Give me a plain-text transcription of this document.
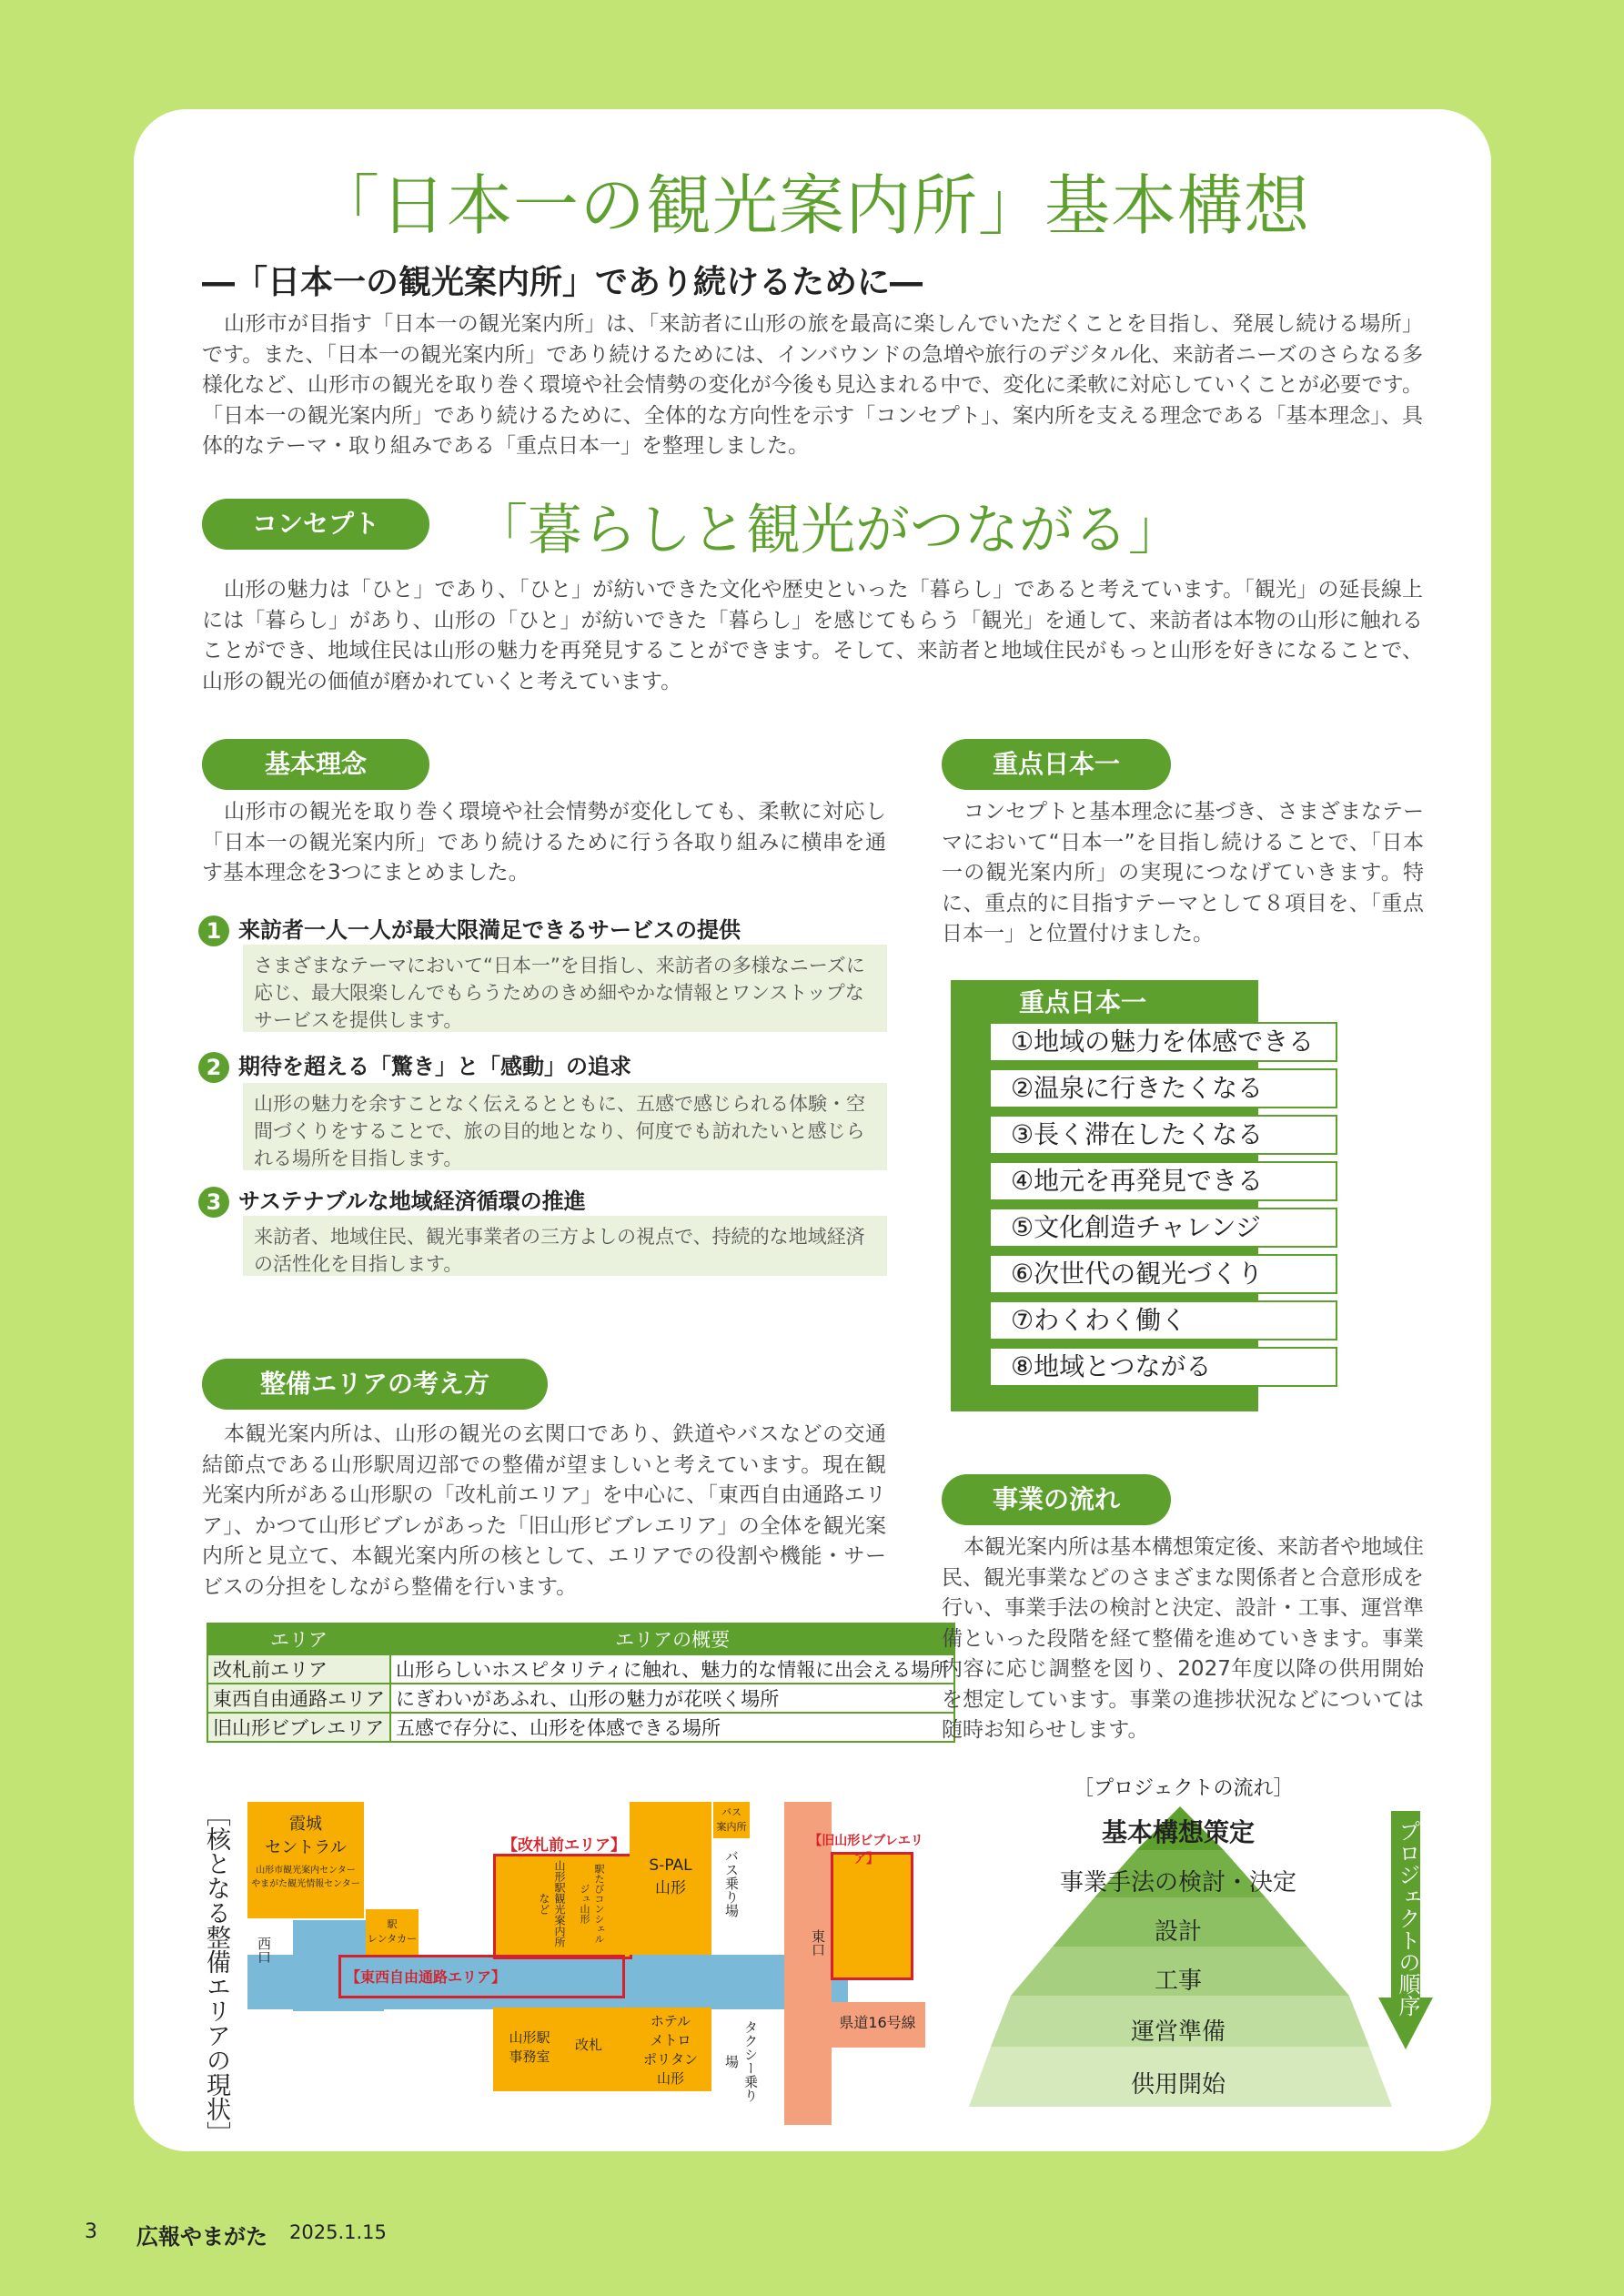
「日本一の観光案内所」基本構想
―「日本一の観光案内所」であり続けるために―
山形市が目指す「日本一の観光案内所」は、「来訪者に山形の旅を最高に楽しんでいただくことを目指し、発展し続ける場所」です。また、「日本一の観光案内所」であり続けるためには、インバウンドの急増や旅行のデジタル化、来訪者ニーズのさらなる多様化など、山形市の観光を取り巻く環境や社会情勢の変化が今後も見込まれる中で、変化に柔軟に対応していくことが必要です。「日本一の観光案内所」であり続けるために、全体的な方向性を示す「コンセプト」、案内所を支える理念である「基本理念」、具体的なテーマ・取り組みである「重点日本一」を整理しました。
コンセプト	「暮らしと観光がつながる」
山形の魅力は「ひと」であり、「ひと」が紡いできた文化や歴史といった「暮らし」であると考えています。「観光」の延長線上には「暮らし」があり、山形の「ひと」が紡いできた「暮らし」を感じてもらう「観光」を通して、来訪者は本物の山形に触れることができ、地域住民は山形の魅力を再発見することができます。そして、来訪者と地域住民がもっと山形を好きになることで、山形の観光の価値が磨かれていくと考えています。
基本理念
山形市の観光を取り巻く環境や社会情勢が変化しても、柔軟に対応し「日本一の観光案内所」であり続けるために行う各取り組みに横串を通す基本理念を3つにまとめました。
1 来訪者一人一人が最大限満足できるサービスの提供
さまざまなテーマにおいて“日本一”を目指し、来訪者の多様なニーズに応じ、最大限楽しんでもらうためのきめ細やかな情報とワンストップなサービスを提供します。
2 期待を超える「驚き」と「感動」の追求
山形の魅力を余すことなく伝えるとともに、五感で感じられる体験・空間づくりをすることで、旅の目的地となり、何度でも訪れたいと感じられる場所を目指します。
3 サステナブルな地域経済循環の推進
来訪者、地域住民、観光事業者の三方よしの視点で、持続的な地域経済の活性化を目指します。
重点日本一
コンセプトと基本理念に基づき、さまざまなテーマにおいて“日本一”を目指し続けることで、「日本一の観光案内所」の実現につなげていきます。特に、重点的に目指すテーマとして８項目を、「重点日本一」と位置付けました。
重点日本一
①地域の魅力を体感できる
②温泉に行きたくなる
③長く滞在したくなる
④地元を再発見できる
⑤文化創造チャレンジ
⑥次世代の観光づくり
⑦わくわく働く
⑧地域とつながる
整備エリアの考え方
本観光案内所は、山形の観光の玄関口であり、鉄道やバスなどの交通結節点である山形駅周辺部での整備が望ましいと考えています。現在観光案内所がある山形駅の「改札前エリア」を中心に、「東西自由通路エリア」、かつて山形ビブレがあった「旧山形ビブレエリア」の全体を観光案内所と見立て、本観光案内所の核として、エリアでの役割や機能・サービスの分担をしながら整備を行います。
エリア	エリアの概要
改札前エリア	山形らしいホスピタリティに触れ、魅力的な情報に出会える場所
東西自由通路エリア	にぎわいがあふれ、山形の魅力が花咲く場所
旧山形ビブレエリア	五感で存分に、山形を体感できる場所
事業の流れ
本観光案内所は基本構想策定後、来訪者や地域住民、観光事業などのさまざまな関係者と合意形成を行い、事業手法の検討と決定、設計・工事、運営準備といった段階を経て整備を進めていきます。事業内容に応じ調整を図り、2027年度以降の供用開始を想定しています。事業の進捗状況などについては随時お知らせします。
［核となる整備エリアの現状］	霞城
セントラル
山形市観光案内センター
やまがた観光情報センター
駅
レンタカー
西口
【改札前エリア】
山形駅観光案内所 など	駅たびコンシェルジュ山形
S-PAL
山形
バス
案内所
バス乗り場
【旧山形ビブレエリア】
東口
【東西自由通路エリア】
山形駅
事務室
改札
ホテル
メトロ
ポリタン
山形	タクシー乗り場
県道16号線
［プロジェクトの流れ］
基本構想策定
事業手法の検討・決定
設計
工事
運営準備
供用開始
プロジェクトの順序
3 広報やまがた 2025.1.15
